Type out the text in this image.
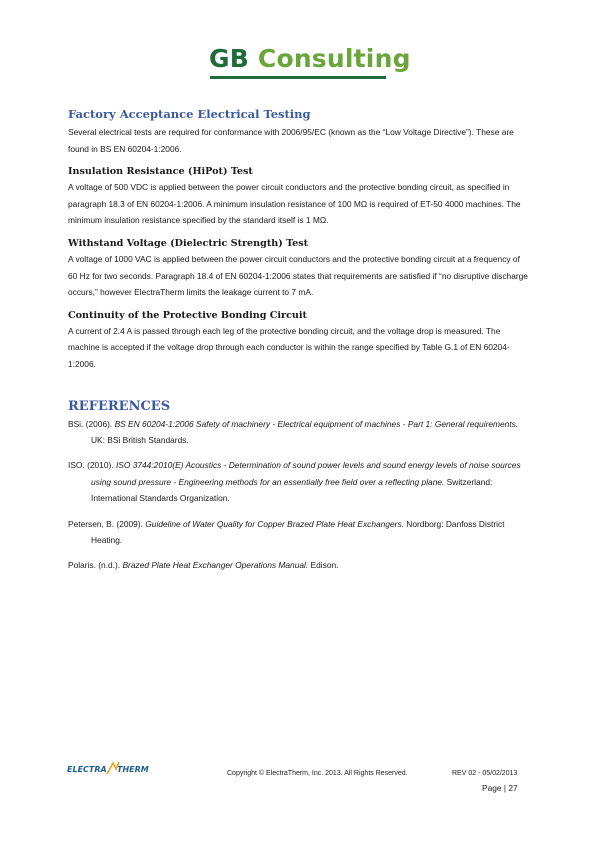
GB Consulting
Factory Acceptance Electrical Testing

Several electrical tests are required for conformance with 2006/95/EC (known as the “Low Voltage Directive”). These are found in BS EN 60204-1:2006.

Insulation Resistance (HiPot) Test

A voltage of 500 VDC is applied between the power circuit conductors and the protective bonding circuit, as specified in paragraph 18.3 of EN 60204-1:2006. A minimum insulation resistance of 100 MΩ is required of ET-50 4000 machines. The minimum insulation resistance specified by the standard itself is 1 MΩ.

Withstand Voltage (Dielectric Strength) Test

A voltage of 1000 VAC is applied between the power circuit conductors and the protective bonding circuit at a frequency of 60 Hz for two seconds. Paragraph 18.4 of EN 60204-1:2006 states that requirements are satisfied if “no disruptive discharge occurs,” however ElectraTherm limits the leakage current to 7 mA.

Continuity of the Protective Bonding Circuit

A current of 2.4 A is passed through each leg of the protective bonding circuit, and the voltage drop is measured. The machine is accepted if the voltage drop through each conductor is within the range specified by Table G.1 of EN 60204-1:2006.

REFERENCES

BSi. (2006). BS EN 60204-1:2006 Safety of machinery - Electrical equipment of machines - Part 1: General requirements. UK: BSi British Standards.

ISO. (2010). ISO 3744:2010(E) Acoustics - Determination of sound power levels and sound energy levels of noise sources using sound pressure - Engineering methods for an essentially free field over a reflecting plane. Switzerland: International Standards Organization.

Petersen, B. (2009). Guideline of Water Quality for Copper Brazed Plate Heat Exchangers. Nordborg: Danfoss District Heating.

Polaris. (n.d.). Brazed Plate Heat Exchanger Operations Manual. Edison.

ELECTRA THERM	Copyright © ElectraTherm, Inc. 2013. All Rights Reserved.	REV 02 - 05/02/2013
Page | 27
